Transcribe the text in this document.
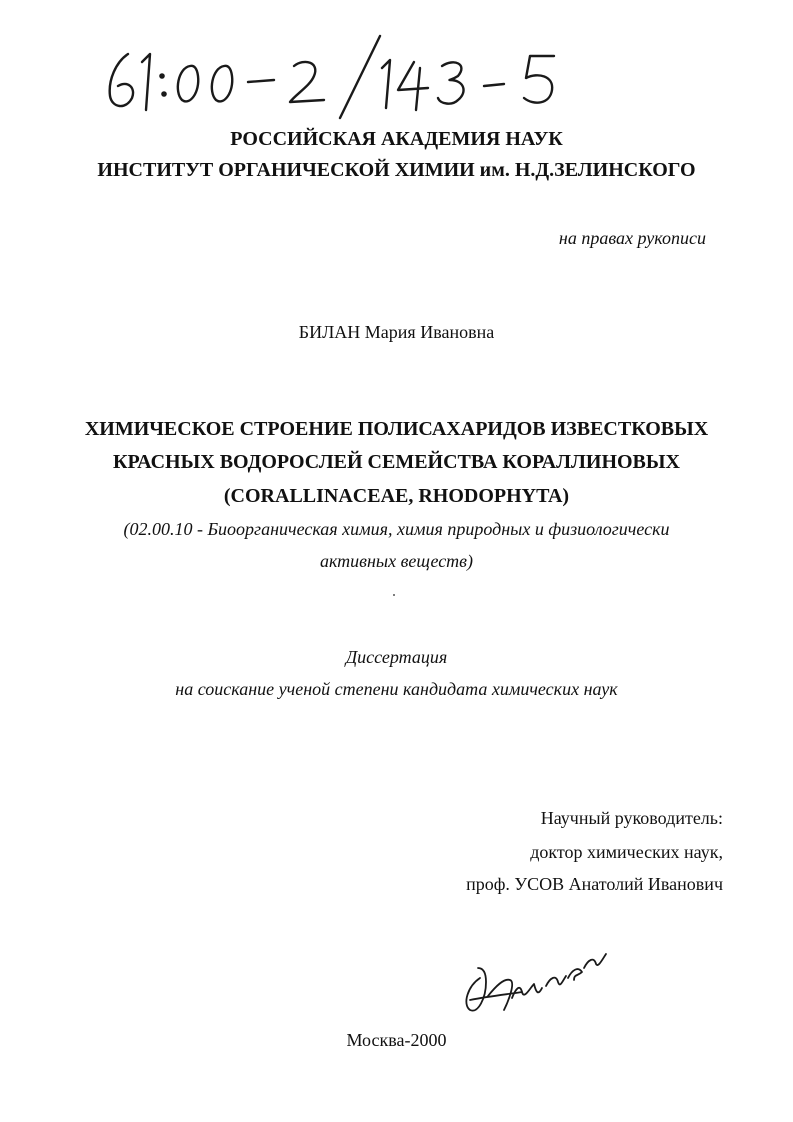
РОССИЙСКАЯ АКАДЕМИЯ НАУК
ИНСТИТУТ ОРГАНИЧЕСКОЙ ХИМИИ им. Н.Д.ЗЕЛИНСКОГО
на правах рукописи
БИЛАН Мария Ивановна
ХИМИЧЕСКОЕ СТРОЕНИЕ ПОЛИСАХАРИДОВ ИЗВЕСТКОВЫХ
КРАСНЫХ ВОДОРОСЛЕЙ СЕМЕЙСТВА КОРАЛЛИНОВЫХ
(CORALLINACEAE, RHODOPHYTA)
(02.00.10 - Биоорганическая химия, химия природных и физиологически
активных веществ)
Диссертация
на соискание ученой степени кандидата химических наук
Научный руководитель:
доктор химических наук,
проф. УСОВ Анатолий Иванович
Москва-2000
